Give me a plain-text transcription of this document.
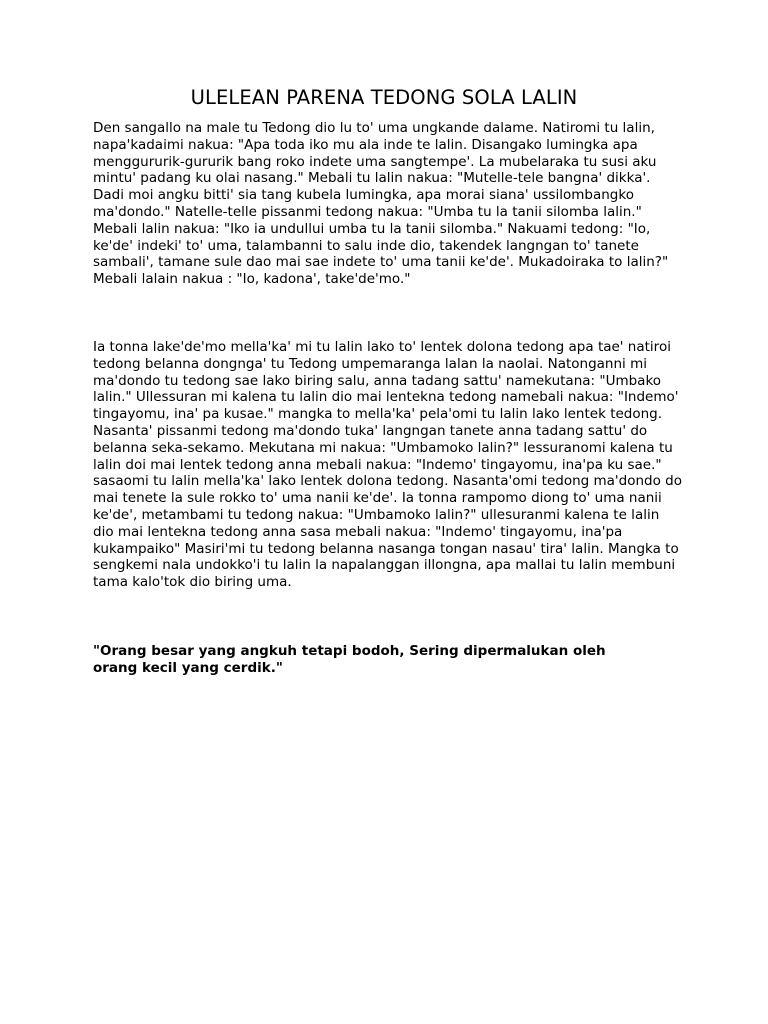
ULELEAN PARENA TEDONG SOLA LALIN

Den sangallo na male tu Tedong dio lu to' uma ungkande dalame. Natiromi tu lalin, napa'kadaimi nakua: "Apa toda iko mu ala inde te lalin. Disangako lumingka apa menggururik-gururik bang roko indete uma sangtempe'. La mubelaraka tu susi aku mintu' padang ku olai nasang." Mebali tu lalin nakua: "Mutelle-tele bangna' dikka'. Dadi moi angku bitti' sia tang kubela lumingka, apa morai siana' ussilombangko ma'dondo." Natelle-telle pissanmi tedong nakua: "Umba tu la tanii silomba lalin." Mebali lalin nakua: "Iko ia undullui umba tu la tanii silomba." Nakuami tedong: "Io, ke'de' indeki' to' uma, talambanni to salu inde dio, takendek langngan to' tanete sambali', tamane sule dao mai sae indete to' uma tanii ke'de'. Mukadoiraka to lalin?" Mebali lalain nakua : "Io, kadona', take'de'mo."

Ia tonna lake'de'mo mella'ka' mi tu lalin lako to' lentek dolona tedong apa tae' natiroi tedong belanna dongnga' tu Tedong umpemaranga lalan la naolai. Natonganni mi ma'dondo tu tedong sae lako biring salu, anna tadang sattu' namekutana: "Umbako lalin." Ullessuran mi kalena tu lalin dio mai lentekna tedong namebali nakua: "Indemo' tingayomu, ina' pa kusae." mangka to mella'ka' pela'omi tu lalin lako lentek tedong. Nasanta' pissanmi tedong ma'dondo tuka' langngan tanete anna tadang sattu' do belanna seka-sekamo. Mekutana mi nakua: "Umbamoko lalin?" lessuranomi kalena tu lalin doi mai lentek tedong anna mebali nakua: "Indemo' tingayomu, ina'pa ku sae." sasaomi tu lalin mella'ka' lako lentek dolona tedong. Nasanta'omi tedong ma'dondo do mai tenete la sule rokko to' uma nanii ke'de'. Ia tonna rampomo diong to' uma nanii ke'de', metambami tu tedong nakua: "Umbamoko lalin?" ullesuranmi kalena te lalin dio mai lentekna tedong anna sasa mebali nakua: "Indemo' tingayomu, ina'pa kukampaiko" Masiri'mi tu tedong belanna nasanga tongan nasau' tira' lalin. Mangka to sengkemi nala undokko'i tu lalin la napalanggan illongna, apa mallai tu lalin membuni tama kalo'tok dio biring uma.

"Orang besar yang angkuh tetapi bodoh, Sering dipermalukan oleh orang kecil yang cerdik."
